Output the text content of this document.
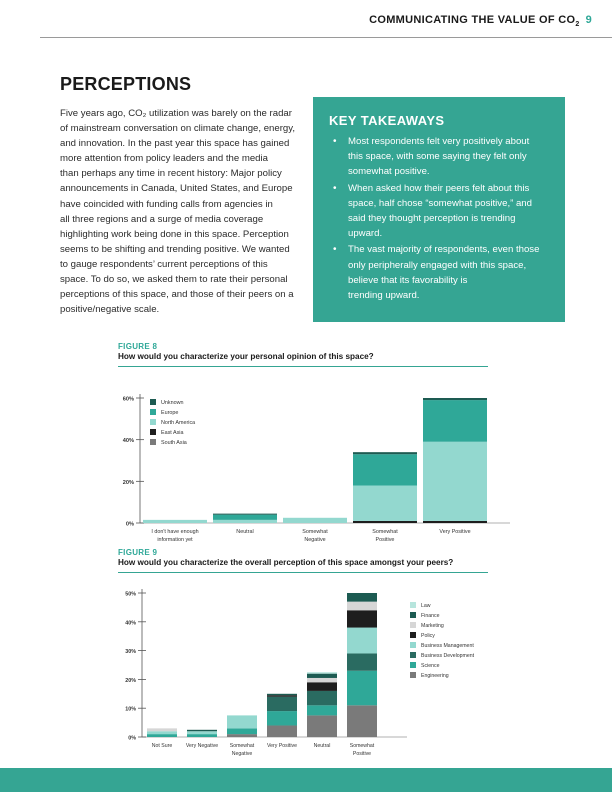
COMMUNICATING THE VALUE OF $CO_2$ 9
PERCEPTIONS

Five years ago, CO₂ utilization was barely on the radar

of mainstream conversation on climate change, energy,

and innovation. In the past year this space has gained

more attention from policy leaders and the media

than perhaps any time in recent history: Major policy

announcements in Canada, United States, and Europe

have coincided with funding calls from agencies in

all three regions and a surge of media coverage

highlighting work being done in this space. Perception

seems to be shifting and trending positive. We wanted

to gauge respondents’ current perceptions of this

space. To do so, we asked them to rate their personal

perceptions of this space, and those of their peers on a

positive/negative scale.

KEY TAKEAWAYS
• Most respondents felt very positively about
this space, with some saying they felt only
somewhat positive.
• When asked how their peers felt about this
space, half chose “somewhat positive,” and
said they thought perception is trending
upward.
• The vast majority of respondents, even those
only peripherally engaged with this space,
believe that its favorability is
trending upward.
FIGURE 8
How would you characterize your personal opinion of this space?
0%
20%
40%
60%
I don't have enough
information yet
Neutral	Somewhat
Negative
Somewhat
Positive
Very Positive
Unknown
Europe
North America
East Asia
South Asia
FIGURE 9
How would you characterize the overall perception of this space amongst your peers?
0%
10%
20%
30%
40%
50%
Not Sure	Very Negative Somewhat
Negative
Very Positive	Neutral	Somewhat
Positive
Law
Finance
Marketing
Policy
Business Management
Business Development
Science
Engineering
